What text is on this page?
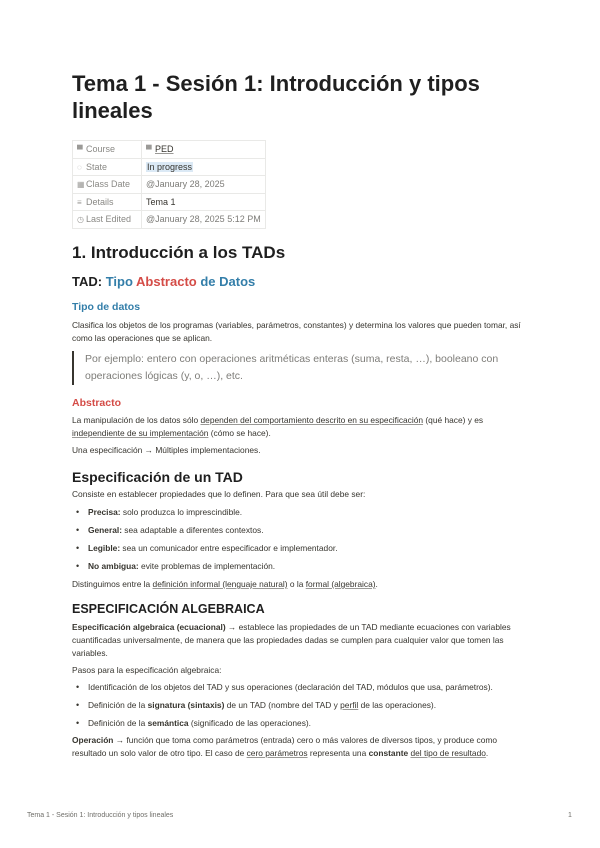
Tema 1 - Sesión 1: Introducción y tipos lineales
▀ Course	▀ PED
◌ State	In progress
▦Class Date	@January 28, 2025
≡ Details	Tema 1
◷ Last Edited	@January 28, 2025 5:12 PM
1. Introducción a los TADs
TAD: Tipo Abstracto de Datos
Tipo de datos
Clasifica los objetos de los programas (variables, parámetros, constantes) y determina los valores que pueden tomar, así como las operaciones que se aplican.
Por ejemplo: entero con operaciones aritméticas enteras (suma, resta, …), booleano con operaciones lógicas (y, o, …), etc.
Abstracto
La manipulación de los datos sólo dependen del comportamiento descrito en su especificación (qué hace) y es independiente de su implementación (cómo se hace).
Una especificación → Múltiples implementaciones.
Especificación de un TAD
Consiste en establecer propiedades que lo definen. Para que sea útil debe ser:
• Precisa: solo produzca lo imprescindible.
• General: sea adaptable a diferentes contextos.
• Legible: sea un comunicador entre especificador e implementador.
• No ambigua: evite problemas de implementación.
Distinguimos entre la definición informal (lenguaje natural) o la formal (algebraica).
ESPECIFICACIÓN ALGEBRAICA
Especificación algebraica (ecuacional) → establece las propiedades de un TAD mediante ecuaciones con variables cuantificadas universalmente, de manera que las propiedades dadas se cumplen para cualquier valor que tomen las variables.
Pasos para la especificación algebraica:
• Identificación de los objetos del TAD y sus operaciones (declaración del TAD, módulos que usa, parámetros).
• Definición de la signatura (sintaxis) de un TAD (nombre del TAD y perfil de las operaciones).
• Definición de la semántica (significado de las operaciones).
Operación → función que toma como parámetros (entrada) cero o más valores de diversos tipos, y produce como resultado un solo valor de otro tipo. El caso de cero parámetros representa una constante del tipo de resultado.
Tema 1 - Sesión 1: Introducción y tipos lineales	1
